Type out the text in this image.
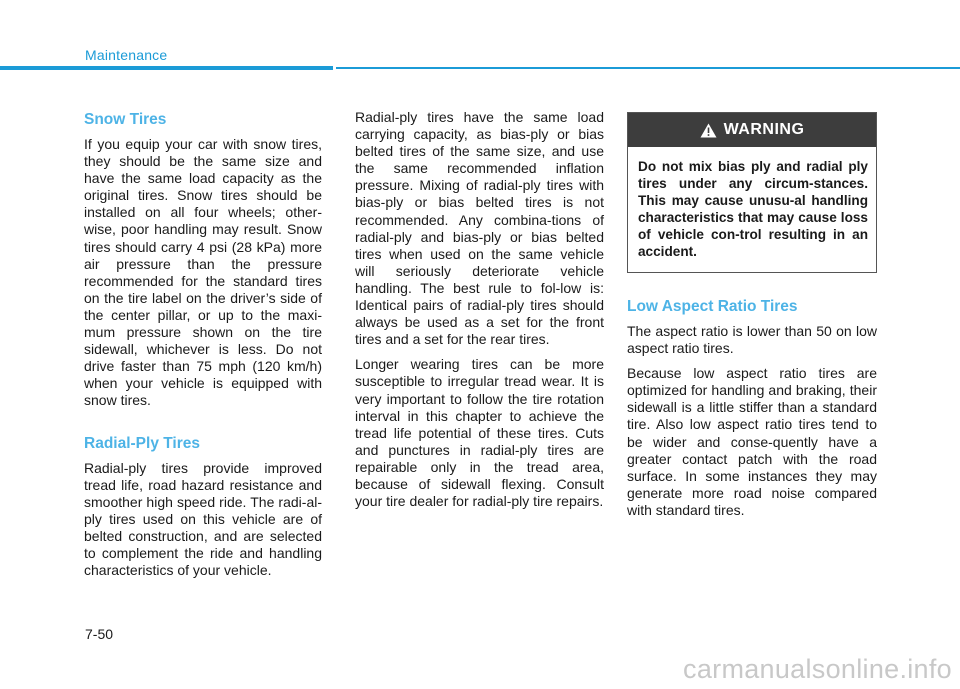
Maintenance
Snow Tires

If you equip your car with snow tires, they should be the same size and have the same load capacity as the original tires. Snow tires should be installed on all four wheels; other-wise, poor handling may result. Snow tires should carry 4 psi (28 kPa) more air pressure than the pressure recommended for the standard tires on the tire label on the driver’s side of the center pillar, or up to the maxi-mum pressure shown on the tire sidewall, whichever is less. Do not drive faster than 75 mph (120 km/h) when your vehicle is equipped with snow tires.

Radial-Ply Tires

Radial-ply tires provide improved tread life, road hazard resistance and smoother high speed ride. The radi-al-ply tires used on this vehicle are of belted construction, and are selected to complement the ride and handling characteristics of your vehicle.

Radial-ply tires have the same load carrying capacity, as bias-ply or bias belted tires of the same size, and use the same recommended inflation pressure. Mixing of radial-ply tires with bias-ply or bias belted tires is not recommended. Any combina-tions of radial-ply and bias-ply or bias belted tires when used on the same vehicle will seriously deteriorate vehicle handling. The best rule to fol-low is: Identical pairs of radial-ply tires should always be used as a set for the front tires and a set for the rear tires.

Longer wearing tires can be more susceptible to irregular tread wear. It is very important to follow the tire rotation interval in this chapter to achieve the tread life potential of these tires. Cuts and punctures in radial-ply tires are repairable only in the tread area, because of sidewall flexing. Consult your tire dealer for radial-ply tire repairs.

WARNING
Do not mix bias ply and radial ply tires under any circum-stances. This may cause unusu-al handling characteristics that may cause loss of vehicle con-trol resulting in an accident.
Low Aspect Ratio Tires

The aspect ratio is lower than 50 on low aspect ratio tires.

Because low aspect ratio tires are optimized for handling and braking, their sidewall is a little stiffer than a standard tire. Also low aspect ratio tires tend to be wider and conse-quently have a greater contact patch with the road surface. In some instances they may generate more road noise compared with standard tires.

7-50
carmanualsonline.info
